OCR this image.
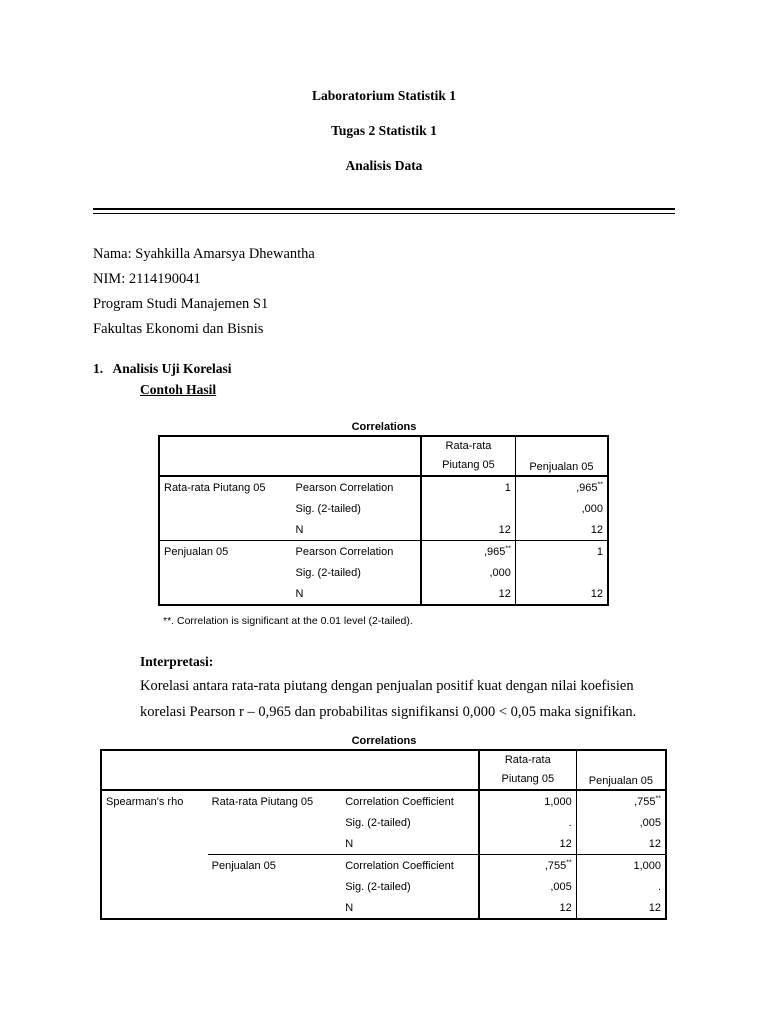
Laboratorium Statistik 1
Tugas 2 Statistik 1
Analisis Data
Nama: Syahkilla Amarsya Dhewantha
NIM: 2114190041
Program Studi Manajemen S1
Fakultas Ekonomi dan Bisnis
1. Analisis Uji Korelasi
Contoh Hasil
Correlations

		Rata-rata
Piutang 05	Penjualan 05
Rata-rata Piutang 05	Pearson Correlation	1	,965**
	Sig. (2-tailed)		,000
	N	12	12
Penjualan 05	Pearson Correlation	,965**	1
	Sig. (2-tailed)	,000	
	N	12	12
**. Correlation is significant at the 0.01 level (2-tailed).
Interpretasi:
Korelasi antara rata-rata piutang dengan penjualan positif kuat dengan nilai koefisien
korelasi Pearson r – 0,965 dan probabilitas signifikansi 0,000 < 0,05 maka signifikan.
Correlations

			Rata-rata
Piutang 05	Penjualan 05
Spearman's rho	Rata-rata Piutang 05	Correlation Coefficient	1,000	,755**
		Sig. (2-tailed)	.	,005
		N	12	12
	Penjualan 05	Correlation Coefficient	,755**	1,000
		Sig. (2-tailed)	,005	.
		N	12	12
